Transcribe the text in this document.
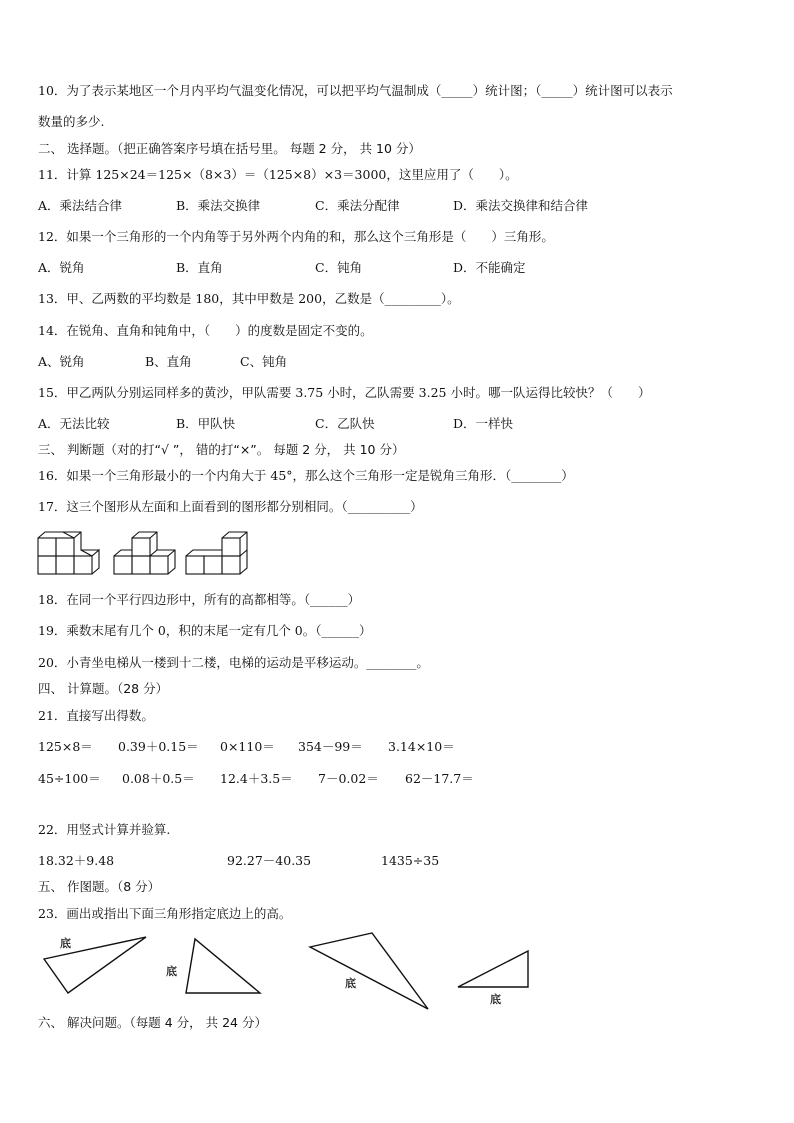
10．为了表示某地区一个月内平均气温变化情况，可以把平均气温制成（_____）统计图；（_____）统计图可以表示
数量的多少.
二、 选择题。（把正确答案序号填在括号里。 每题 2 分， 共 10 分）
11．计算 125×24＝125×（8×3）＝（125×8）×3＝3000，这里应用了（　　）。
A．乘法结合律	B．乘法交换律	C．乘法分配律	D．乘法交换律和结合律
12．如果一个三角形的一个内角等于另外两个内角的和，那么这个三角形是（　　）三角形。
A．锐角	B．直角	C．钝角	D．不能确定
13．甲、乙两数的平均数是 180，其中甲数是 200，乙数是（_________）。
14．在锐角、直角和钝角中，（　　）的度数是固定不变的。
A、锐角	B、直角	C、钝角
15．甲乙两队分别运同样多的黄沙，甲队需要 3.75 小时，乙队需要 3.25 小时。哪一队运得比较快？（　　）
A．无法比较	B．甲队快	C．乙队快	D．一样快
三、 判断题（对的打“√ ”， 错的打“×”。 每题 2 分， 共 10 分）
16．如果一个三角形最小的一个内角大于 45°，那么这个三角形一定是锐角三角形．（________）
17．这三个图形从左面和上面看到的图形都分别相同。（__________）
18．在同一个平行四边形中，所有的高都相等。（______）
19．乘数末尾有几个 0，积的末尾一定有几个 0。（______）
20．小青坐电梯从一楼到十二楼，电梯的运动是平移运动。________。
四、 计算题。（28 分）
21．直接写出得数。
125×8＝ 0.39＋0.15＝ 0×110＝ 354－99＝ 3.14×10＝
45÷100＝ 0.08＋0.5＝ 12.4＋3.5＝ 7－0.02＝ 62－17.7＝
22．用竖式计算并验算.
18.32＋9.48	92.27－40.35	1435÷35
五、 作图题。（8 分）
23．画出或指出下面三角形指定底边上的高。
底
底
底
底
六、 解决问题。（每题 4 分， 共 24 分）
